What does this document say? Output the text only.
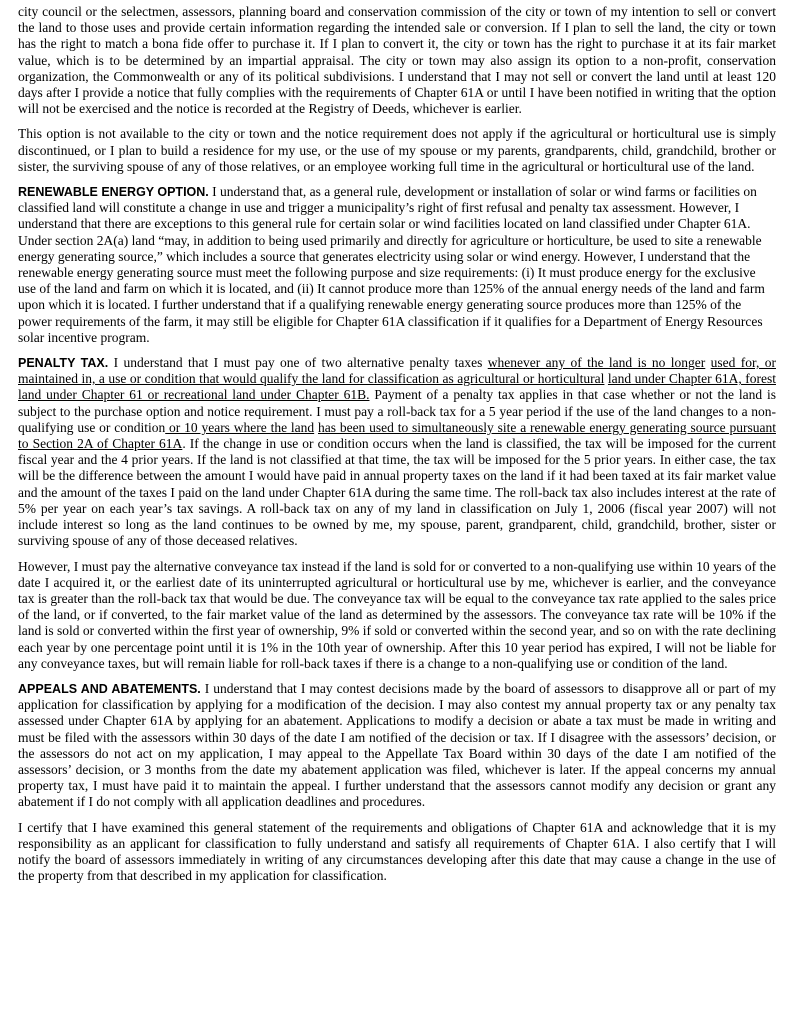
city council or the selectmen, assessors, planning board and conservation commission of the city or town of my intention to sell or convert the land to those uses and provide certain information regarding the intended sale or conversion. If I plan to sell the land, the city or town has the right to match a bona fide offer to purchase it. If I plan to convert it, the city or town has the right to purchase it at its fair market value, which is to be determined by an impartial appraisal. The city or town may also assign its option to a non-profit, conservation organization, the Commonwealth or any of its political subdivisions. I understand that I may not sell or convert the land until at least 120 days after I provide a notice that fully complies with the requirements of Chapter 61A or until I have been notified in writing that the option will not be exercised and the notice is recorded at the Registry of Deeds, whichever is earlier.

This option is not available to the city or town and the notice requirement does not apply if the agricultural or horticultural use is simply discontinued, or I plan to build a residence for my use, or the use of my spouse or my parents, grandparents, child, grandchild, brother or sister, the surviving spouse of any of those relatives, or an employee working full time in the agricultural or horticultural use of the land.

RENEWABLE ENERGY OPTION. I understand that, as a general rule, development or installation of solar or wind farms or facilities on classified land will constitute a change in use and trigger a municipality’s right of first refusal and penalty tax assessment. However, I understand that there are exceptions to this general rule for certain solar or wind facilities located on land classified under Chapter 61A. Under section 2A(a) land “may, in addition to being used primarily and directly for agriculture or horticulture, be used to site a renewable energy generating source,” which includes a source that generates electricity using solar or wind energy. However, I understand that the renewable energy generating source must meet the following purpose and size requirements: (i) It must produce energy for the exclusive use of the land and farm on which it is located, and (ii) It cannot produce more than 125% of the annual energy needs of the land and farm upon which it is located. I further understand that if a qualifying renewable energy generating source produces more than 125% of the power requirements of the farm, it may still be eligible for Chapter 61A classification if it qualifies for a Department of Energy Resources solar incentive program.

PENALTY TAX. I understand that I must pay one of two alternative penalty taxes whenever any of the land is no longer used for, or maintained in, a use or condition that would qualify the land for classification as agricultural or horticultural land under Chapter 61A, forest land under Chapter 61 or recreational land under Chapter 61B. Payment of a penalty tax applies in that case whether or not the land is subject to the purchase option and notice requirement. I must pay a roll-back tax for a 5 year period if the use of the land changes to a non-qualifying use or condition or 10 years where the land has been used to simultaneously site a renewable energy generating source pursuant to Section 2A of Chapter 61A. If the change in use or condition occurs when the land is classified, the tax will be imposed for the current fiscal year and the 4 prior years. If the land is not classified at that time, the tax will be imposed for the 5 prior years. In either case, the tax will be the difference between the amount I would have paid in annual property taxes on the land if it had been taxed at its fair market value and the amount of the taxes I paid on the land under Chapter 61A during the same time. The roll-back tax also includes interest at the rate of 5% per year on each year’s tax savings. A roll-back tax on any of my land in classification on July 1, 2006 (fiscal year 2007) will not include interest so long as the land continues to be owned by me, my spouse, parent, grandparent, child, grandchild, brother, sister or surviving spouse of any of those deceased relatives.

However, I must pay the alternative conveyance tax instead if the land is sold for or converted to a non-qualifying use within 10 years of the date I acquired it, or the earliest date of its uninterrupted agricultural or horticultural use by me, whichever is earlier, and the conveyance tax is greater than the roll-back tax that would be due. The conveyance tax will be equal to the conveyance tax rate applied to the sales price of the land, or if converted, to the fair market value of the land as determined by the assessors. The conveyance tax rate will be 10% if the land is sold or converted within the first year of ownership, 9% if sold or converted within the second year, and so on with the rate declining each year by one percentage point until it is 1% in the 10th year of ownership. After this 10 year period has expired, I will not be liable for any conveyance taxes, but will remain liable for roll-back taxes if there is a change to a non-qualifying use or condition of the land.

APPEALS AND ABATEMENTS. I understand that I may contest decisions made by the board of assessors to disapprove all or part of my application for classification by applying for a modification of the decision. I may also contest my annual property tax or any penalty tax assessed under Chapter 61A by applying for an abatement. Applications to modify a decision or abate a tax must be made in writing and must be filed with the assessors within 30 days of the date I am notified of the decision or tax. If I disagree with the assessors’ decision, or the assessors do not act on my application, I may appeal to the Appellate Tax Board within 30 days of the date I am notified of the assessors’ decision, or 3 months from the date my abatement application was filed, whichever is later. If the appeal concerns my annual property tax, I must have paid it to maintain the appeal. I further understand that the assessors cannot modify any decision or grant any abatement if I do not comply with all application deadlines and procedures.

I certify that I have examined this general statement of the requirements and obligations of Chapter 61A and acknowledge that it is my responsibility as an applicant for classification to fully understand and satisfy all requirements of Chapter 61A. I also certify that I will notify the board of assessors immediately in writing of any circumstances developing after this date that may cause a change in the use of the property from that described in my application for classification.
